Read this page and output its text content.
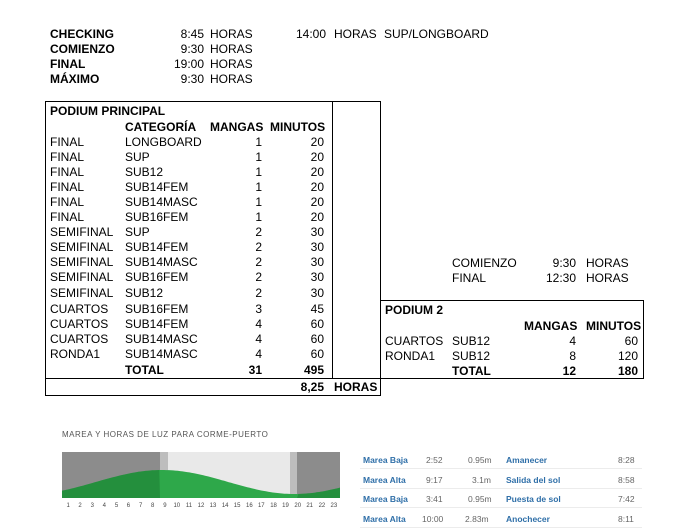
CHECKING	8:45 HORAS
COMIENZO	9:30 HORAS
FINAL	19:00 HORAS
MÁXIMO	9:30 HORAS
14:00 HORAS SUP/LONGBOARD
PODIUM PRINCIPAL
CATEGORÍA MANGAS MINUTOS
FINAL	LONGBOARD	1	20
FINAL	SUP	1	20
FINAL	SUB12	1	20
FINAL	SUB14FEM	1	20
FINAL	SUB14MASC	1	20
FINAL	SUB16FEM	1	20
SEMIFINAL SUP	2	30
SEMIFINAL SUB14FEM	2	30
SEMIFINAL SUB14MASC	2	30
SEMIFINAL SUB16FEM	2	30
SEMIFINAL SUB12	2	30
CUARTOS SUB16FEM	3	45
CUARTOS SUB14FEM	4	60
CUARTOS SUB14MASC	4	60
RONDA1 SUB14MASC	4	60
TOTAL	31	495
8,25 HORAS
COMIENZO	9:30 HORAS
FINAL	12:30 HORAS
PODIUM 2
MANGAS MINUTOS
CUARTOS SUB12	4	60
RONDA1 SUB12	8	120
TOTAL	12	180
MAREA Y HORAS DE LUZ PARA CORME-PUERTO
1 2 3 4 5 6 7 8 9 10 11 12 13 14 15 16 17 18 19 20 21 22 23
Marea Baja 2:52	0.95m Amanecer	8:28
Marea Alta 9:17	3.1m Salida del sol	8:58
Marea Baja 3:41	0.95m Puesta de sol	7:42
Marea Alta 10:00	2.83m Anochecer	8:11
